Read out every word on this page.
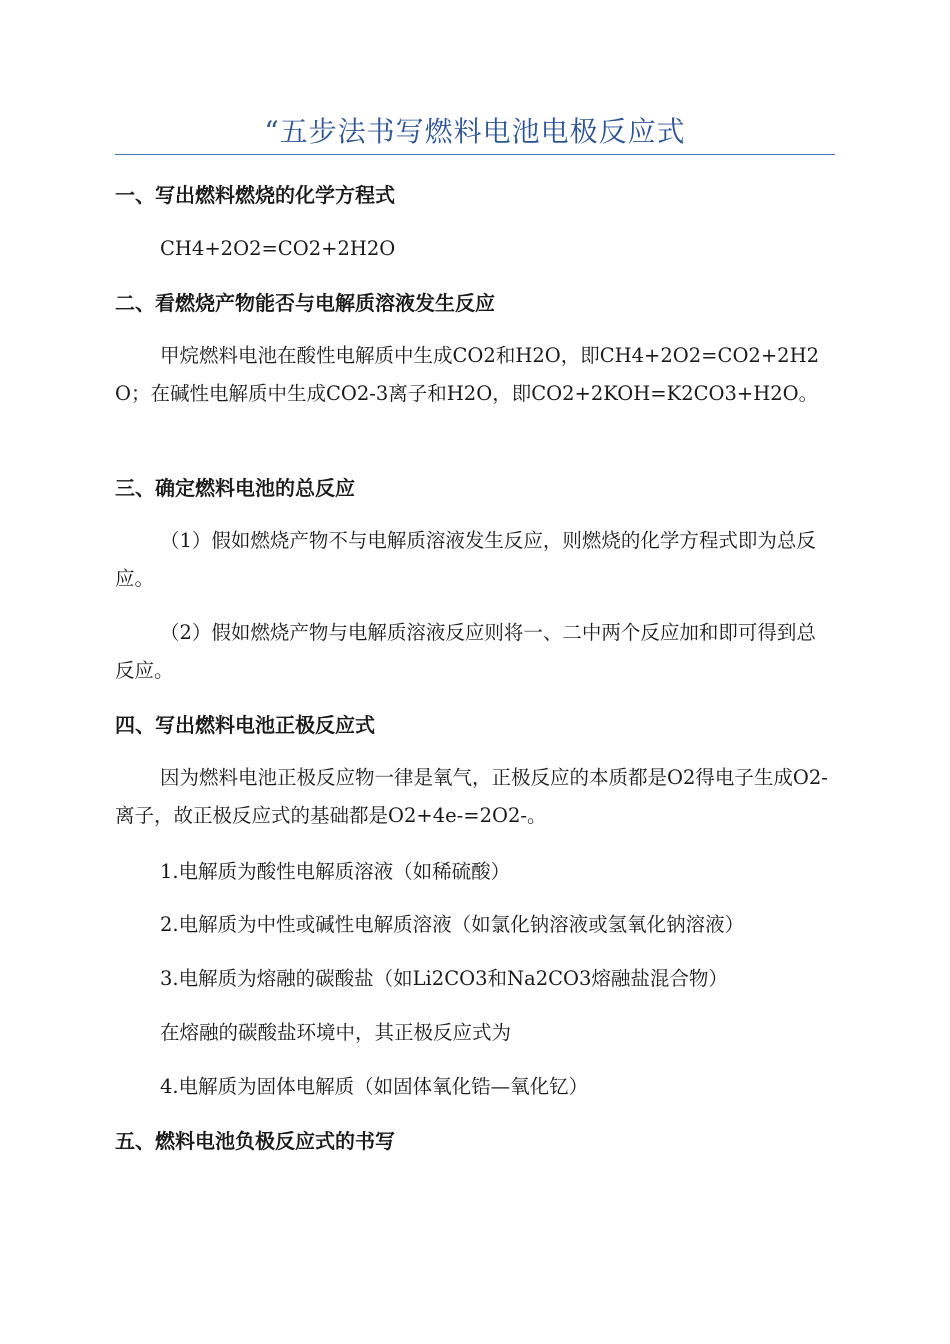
“五步法书写燃料电池电极反应式
一、写出燃料燃烧的化学方程式

CH4+2O2=CO2+2H2O

二、看燃烧产物能否与电解质溶液发生反应

甲烷燃料电池在酸性电解质中生成CO2和H2O，即CH4+2O2=CO2+2H2O；在碱性电解质中生成CO2-3离子和H2O，即CO2+2KOH=K2CO3+H2O。

三、确定燃料电池的总反应

（1）假如燃烧产物不与电解质溶液发生反应，则燃烧的化学方程式即为总反应。

（2）假如燃烧产物与电解质溶液反应则将一、二中两个反应加和即可得到总反应。

四、写出燃料电池正极反应式

因为燃料电池正极反应物一律是氧气，正极反应的本质都是O2得电子生成O2-离子，故正极反应式的基础都是O2+4e-=2O2-。

1.电解质为酸性电解质溶液（如稀硫酸）

2.电解质为中性或碱性电解质溶液（如氯化钠溶液或氢氧化钠溶液）

3.电解质为熔融的碳酸盐（如Li2CO3和Na2CO3熔融盐混合物）

在熔融的碳酸盐环境中，其正极反应式为

4.电解质为固体电解质（如固体氧化锆—氧化钇）

五、燃料电池负极反应式的书写
